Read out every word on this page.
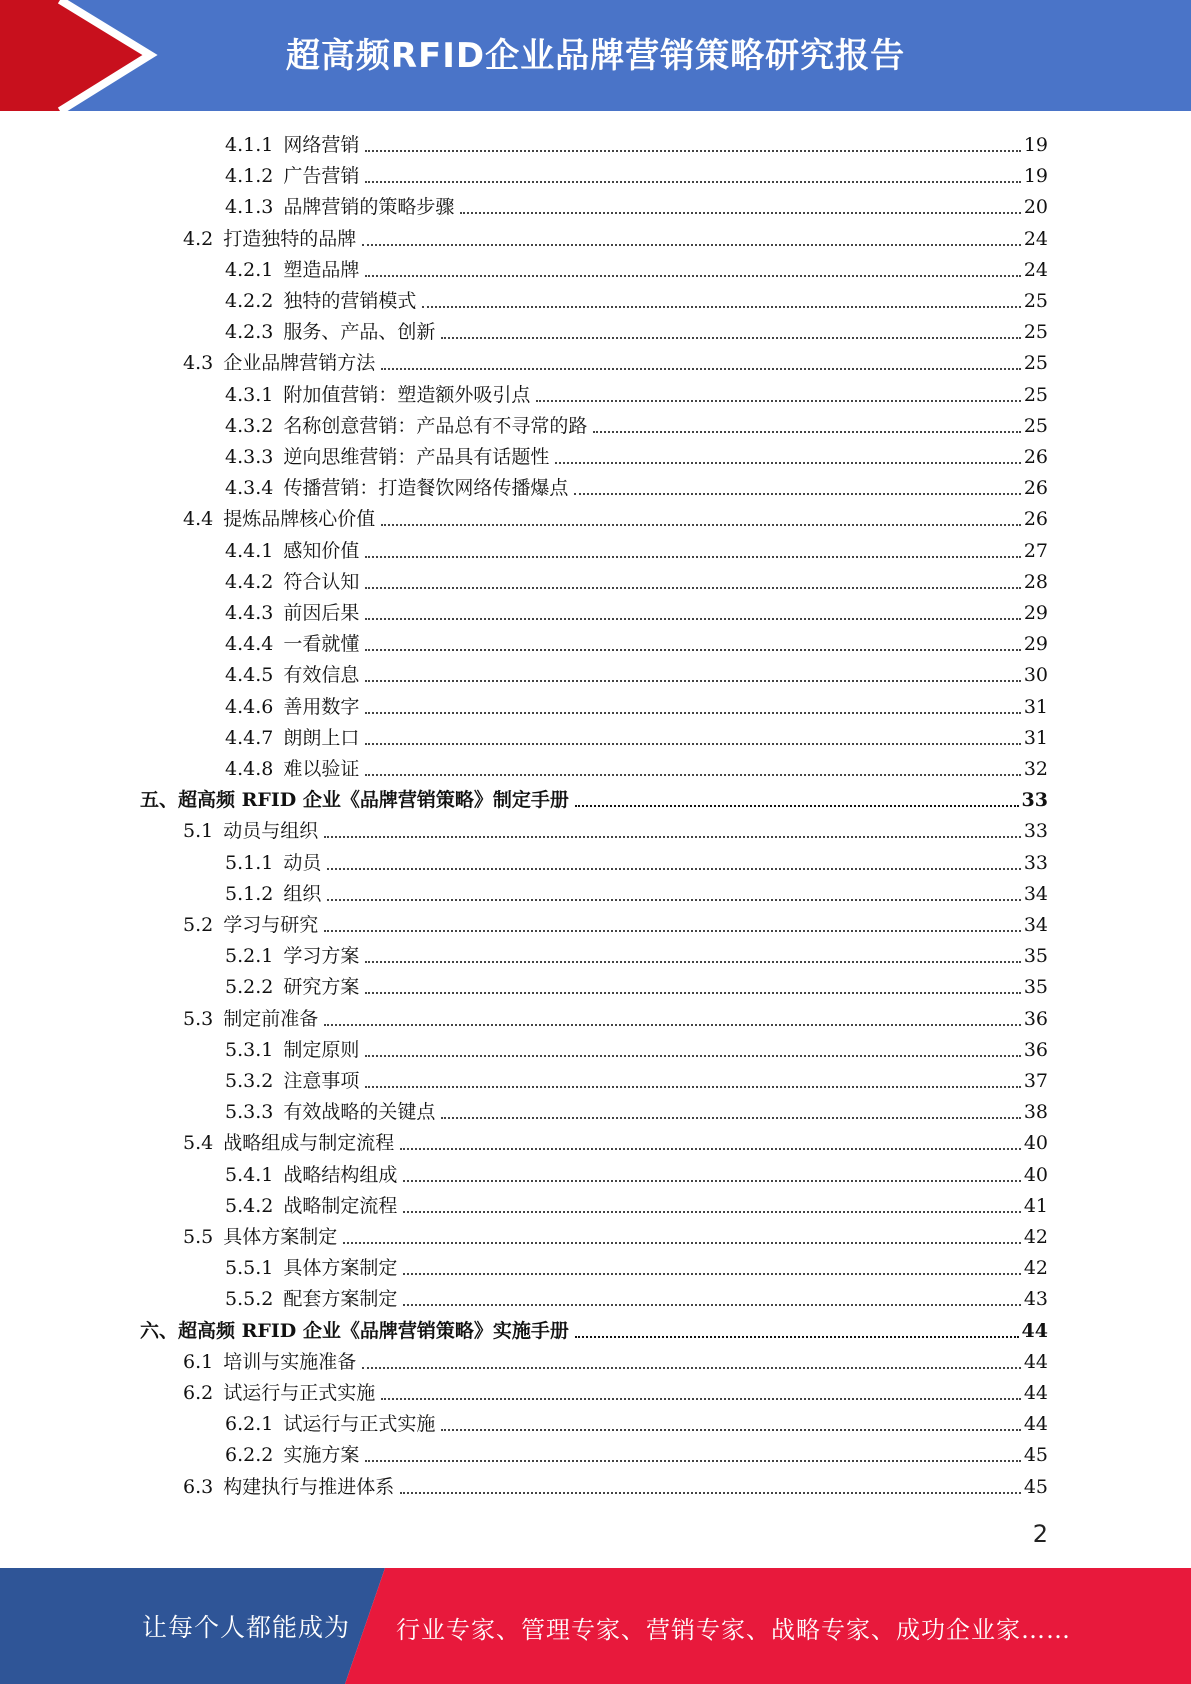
超高频RFID企业品牌营销策略研究报告
4.1.1 网络营销	19
4.1.2 广告营销	19
4.1.3 品牌营销的策略步骤	20
4.2 打造独特的品牌	24
4.2.1 塑造品牌	24
4.2.2 独特的营销模式	25
4.2.3 服务、产品、创新	25
4.3 企业品牌营销方法	25
4.3.1 附加值营销：塑造额外吸引点	25
4.3.2 名称创意营销：产品总有不寻常的路	25
4.3.3 逆向思维营销：产品具有话题性	26
4.3.4 传播营销：打造餐饮网络传播爆点	26
4.4 提炼品牌核心价值	26
4.4.1 感知价值	27
4.4.2 符合认知	28
4.4.3 前因后果	29
4.4.4 一看就懂	29
4.4.5 有效信息	30
4.4.6 善用数字	31
4.4.7 朗朗上口	31
4.4.8 难以验证	32
五、 超高频 RFID 企业《品牌营销策略》制定手册	33
5.1 动员与组织	33
5.1.1 动员	33
5.1.2 组织	34
5.2 学习与研究	34
5.2.1 学习方案	35
5.2.2 研究方案	35
5.3 制定前准备	36
5.3.1 制定原则	36
5.3.2 注意事项	37
5.3.3 有效战略的关键点	38
5.4 战略组成与制定流程	40
5.4.1 战略结构组成	40
5.4.2 战略制定流程	41
5.5 具体方案制定	42
5.5.1 具体方案制定	42
5.5.2 配套方案制定	43
六、 超高频 RFID 企业《品牌营销策略》实施手册	44
6.1 培训与实施准备	44
6.2 试运行与正式实施	44
6.2.1 试运行与正式实施	44
6.2.2 实施方案	45
6.3 构建执行与推进体系	45
2
让每个人都能成为 行业专家、管理专家、营销专家、战略专家、成功企业家……
